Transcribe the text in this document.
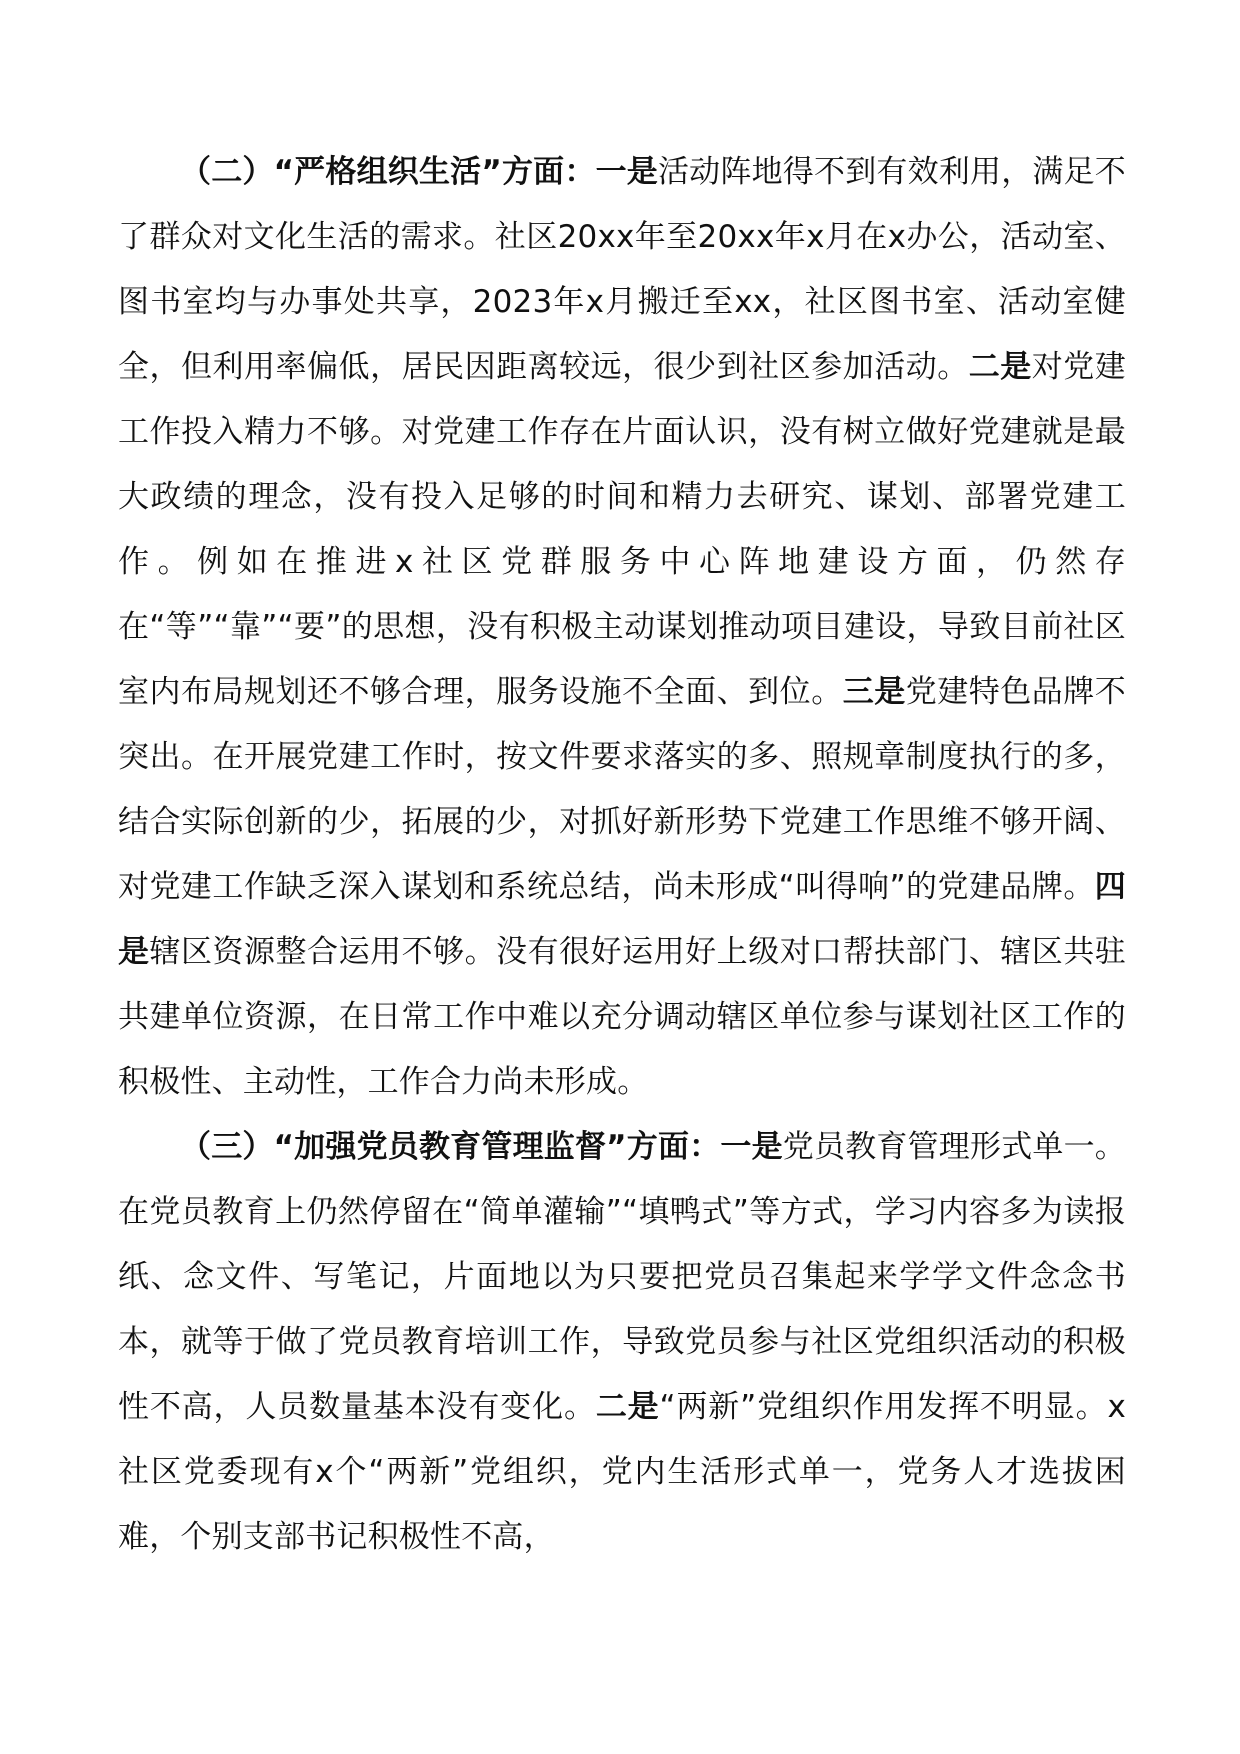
（二）“严格组织生活”方面：一是活动阵地得不到有效利用，满足不了群众对文化生活的需求。社区20xx年至20xx年x月在x办公，活动室、图书室均与办事处共享，2023年x月搬迁至xx，社区图书室、活动室健全，但利用率偏低，居民因距离较远，很少到社区参加活动。二是对党建工作投入精力不够。对党建工作存在片面认识，没有树立做好党建就是最大政绩的理念，没有投入足够的时间和精力去研究、谋划、部署党建工作。例如在推进x社区党群服务中心阵地建设方面，仍然存在“等”“靠”“要”的思想，没有积极主动谋划推动项目建设，导致目前社区室内布局规划还不够合理，服务设施不全面、到位。三是党建特色品牌不突出。在开展党建工作时，按文件要求落实的多、照规章制度执行的多，结合实际创新的少，拓展的少，对抓好新形势下党建工作思维不够开阔、对党建工作缺乏深入谋划和系统总结，尚未形成“叫得响”的党建品牌。四是辖区资源整合运用不够。没有很好运用好上级对口帮扶部门、辖区共驻共建单位资源，在日常工作中难以充分调动辖区单位参与谋划社区工作的积极性、主动性，工作合力尚未形成。

（三）“加强党员教育管理监督”方面：一是党员教育管理形式单一。在党员教育上仍然停留在“简单灌输”“填鸭式”等方式，学习内容多为读报纸、念文件、写笔记，片面地以为只要把党员召集起来学学文件念念书本，就等于做了党员教育培训工作，导致党员参与社区党组织活动的积极性不高，人员数量基本没有变化。二是“两新”党组织作用发挥不明显。x社区党委现有x个“两新”党组织，党内生活形式单一，党务人才选拔困难，个别支部书记积极性不高，
